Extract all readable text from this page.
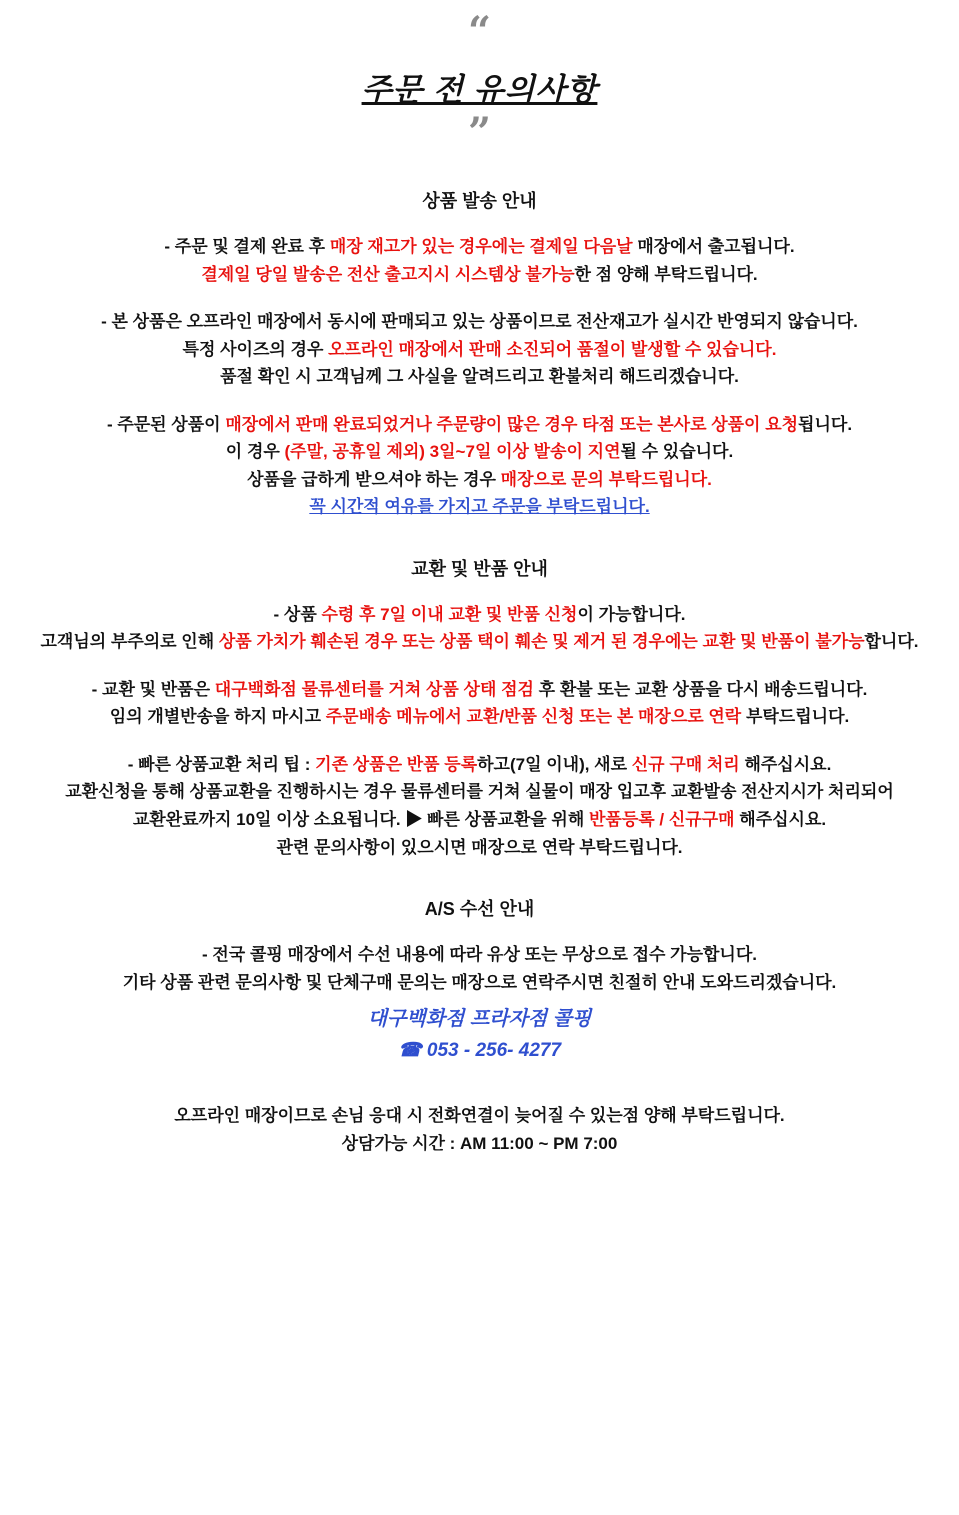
“
주문 전 유의사항
”
상품 발송 안내
- 주문 및 결제 완료 후 매장 재고가 있는 경우에는 결제일 다음날 매장에서 출고됩니다.
결제일 당일 발송은 전산 출고지시 시스템상 불가능한 점 양해 부탁드립니다.
- 본 상품은 오프라인 매장에서 동시에 판매되고 있는 상품이므로 전산재고가 실시간 반영되지 않습니다.
특정 사이즈의 경우 오프라인 매장에서 판매 소진되어 품절이 발생할 수 있습니다.
품절 확인 시 고객님께 그 사실을 알려드리고 환불처리 해드리겠습니다.
- 주문된 상품이 매장에서 판매 완료되었거나 주문량이 많은 경우 타점 또는 본사로 상품이 요청됩니다.
이 경우 (주말, 공휴일 제외) 3일~7일 이상 발송이 지연될 수 있습니다.
상품을 급하게 받으셔야 하는 경우 매장으로 문의 부탁드립니다.
꼭 시간적 여유를 가지고 주문을 부탁드립니다.
교환 및 반품 안내
- 상품 수령 후 7일 이내 교환 및 반품 신청이 가능합니다.
고객님의 부주의로 인해 상품 가치가 훼손된 경우 또는 상품 택이 훼손 및 제거 된 경우에는 교환 및 반품이 불가능합니다.
- 교환 및 반품은 대구백화점 물류센터를 거쳐 상품 상태 점검 후 환불 또는 교환 상품을 다시 배송드립니다.
임의 개별반송을 하지 마시고 주문배송 메뉴에서 교환/반품 신청 또는 본 매장으로 연락 부탁드립니다.
- 빠른 상품교환 처리 팁 : 기존 상품은 반품 등록하고(7일 이내), 새로 신규 구매 처리 해주십시요.
교환신청을 통해 상품교환을 진행하시는 경우 물류센터를 거쳐 실물이 매장 입고후 교환발송 전산지시가 처리되어
교환완료까지 10일 이상 소요됩니다. ▶ 빠른 상품교환을 위해 반품등록 / 신규구매 해주십시요.
관련 문의사항이 있으시면 매장으로 연락 부탁드립니다.
A/S 수선 안내
- 전국 콜핑 매장에서 수선 내용에 따라 유상 또는 무상으로 접수 가능합니다.
기타 상품 관련 문의사항 및 단체구매 문의는 매장으로 연락주시면 친절히 안내 도와드리겠습니다.
대구백화점 프라자점 콜핑
☎ 053 - 256- 4277
오프라인 매장이므로 손님 응대 시 전화연결이 늦어질 수 있는점 양해 부탁드립니다.
상담가능 시간 : AM 11:00 ~ PM 7:00
